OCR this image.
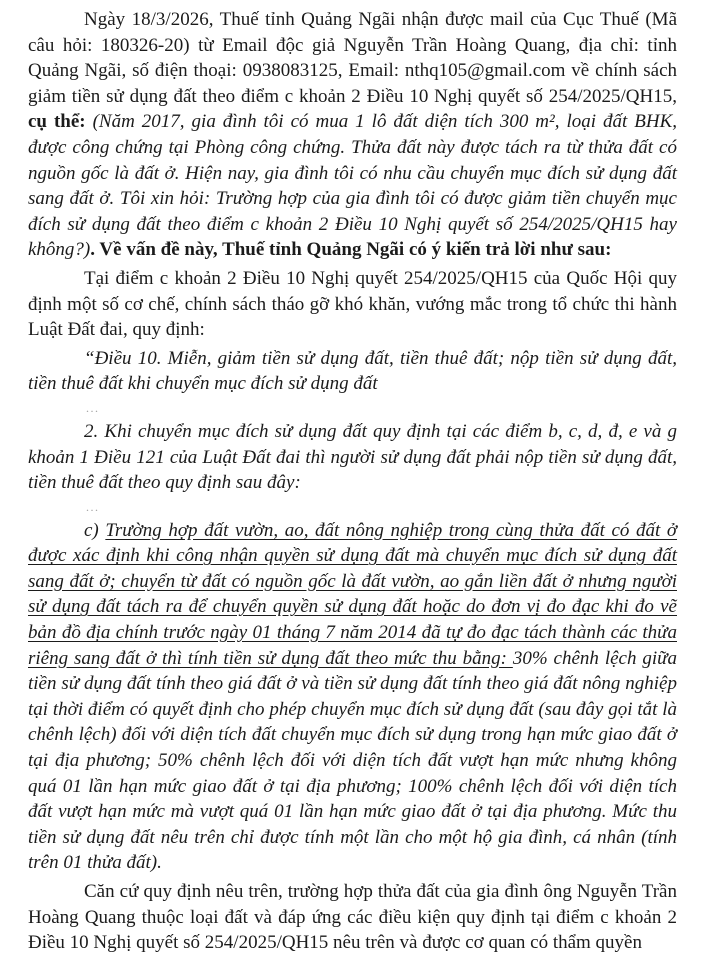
Ngày 18/3/2026, Thuế tỉnh Quảng Ngãi nhận được mail của Cục Thuế (Mã câu hỏi: 180326-20) từ Email độc giả Nguyễn Trần Hoàng Quang, địa chỉ: tỉnh Quảng Ngãi, số điện thoại: 0938083125, Email: nthq105@gmail.com về chính sách giảm tiền sử dụng đất theo điểm c khoản 2 Điều 10 Nghị quyết số 254/2025/QH15, cụ thể: (Năm 2017, gia đình tôi có mua 1 lô đất diện tích 300 m², loại đất BHK, được công chứng tại Phòng công chứng. Thửa đất này được tách ra từ thửa đất có nguồn gốc là đất ở. Hiện nay, gia đình tôi có nhu cầu chuyển mục đích sử dụng đất sang đất ở. Tôi xin hỏi: Trường hợp của gia đình tôi có được giảm tiền chuyển mục đích sử dụng đất theo điểm c khoản 2 Điều 10 Nghị quyết số 254/2025/QH15 hay không?). Về vấn đề này, Thuế tỉnh Quảng Ngãi có ý kiến trả lời như sau:

Tại điểm c khoản 2 Điều 10 Nghị quyết 254/2025/QH15 của Quốc Hội quy định một số cơ chế, chính sách tháo gỡ khó khăn, vướng mắc trong tổ chức thi hành Luật Đất đai, quy định:

“Điều 10. Miễn, giảm tiền sử dụng đất, tiền thuê đất; nộp tiền sử dụng đất, tiền thuê đất khi chuyển mục đích sử dụng đất

...

2. Khi chuyển mục đích sử dụng đất quy định tại các điểm b, c, d, đ, e và g khoản 1 Điều 121 của Luật Đất đai thì người sử dụng đất phải nộp tiền sử dụng đất, tiền thuê đất theo quy định sau đây:

...

c) Trường hợp đất vườn, ao, đất nông nghiệp trong cùng thửa đất có đất ở được xác định khi công nhận quyền sử dụng đất mà chuyển mục đích sử dụng đất sang đất ở; chuyển từ đất có nguồn gốc là đất vườn, ao gắn liền đất ở nhưng người sử dụng đất tách ra để chuyển quyền sử dụng đất hoặc do đơn vị đo đạc khi đo vẽ bản đồ địa chính trước ngày 01 tháng 7 năm 2014 đã tự đo đạc tách thành các thửa riêng sang đất ở thì tính tiền sử dụng đất theo mức thu bằng: 30% chênh lệch giữa tiền sử dụng đất tính theo giá đất ở và tiền sử dụng đất tính theo giá đất nông nghiệp tại thời điểm có quyết định cho phép chuyển mục đích sử dụng đất (sau đây gọi tắt là chênh lệch) đối với diện tích đất chuyển mục đích sử dụng trong hạn mức giao đất ở tại địa phương; 50% chênh lệch đối với diện tích đất vượt hạn mức nhưng không quá 01 lần hạn mức giao đất ở tại địa phương; 100% chênh lệch đối với diện tích đất vượt hạn mức mà vượt quá 01 lần hạn mức giao đất ở tại địa phương. Mức thu tiền sử dụng đất nêu trên chỉ được tính một lần cho một hộ gia đình, cá nhân (tính trên 01 thửa đất).

Căn cứ quy định nêu trên, trường hợp thửa đất của gia đình ông Nguyễn Trần Hoàng Quang thuộc loại đất và đáp ứng các điều kiện quy định tại điểm c khoản 2 Điều 10 Nghị quyết số 254/2025/QH15 nêu trên và được cơ quan có thẩm quyền
